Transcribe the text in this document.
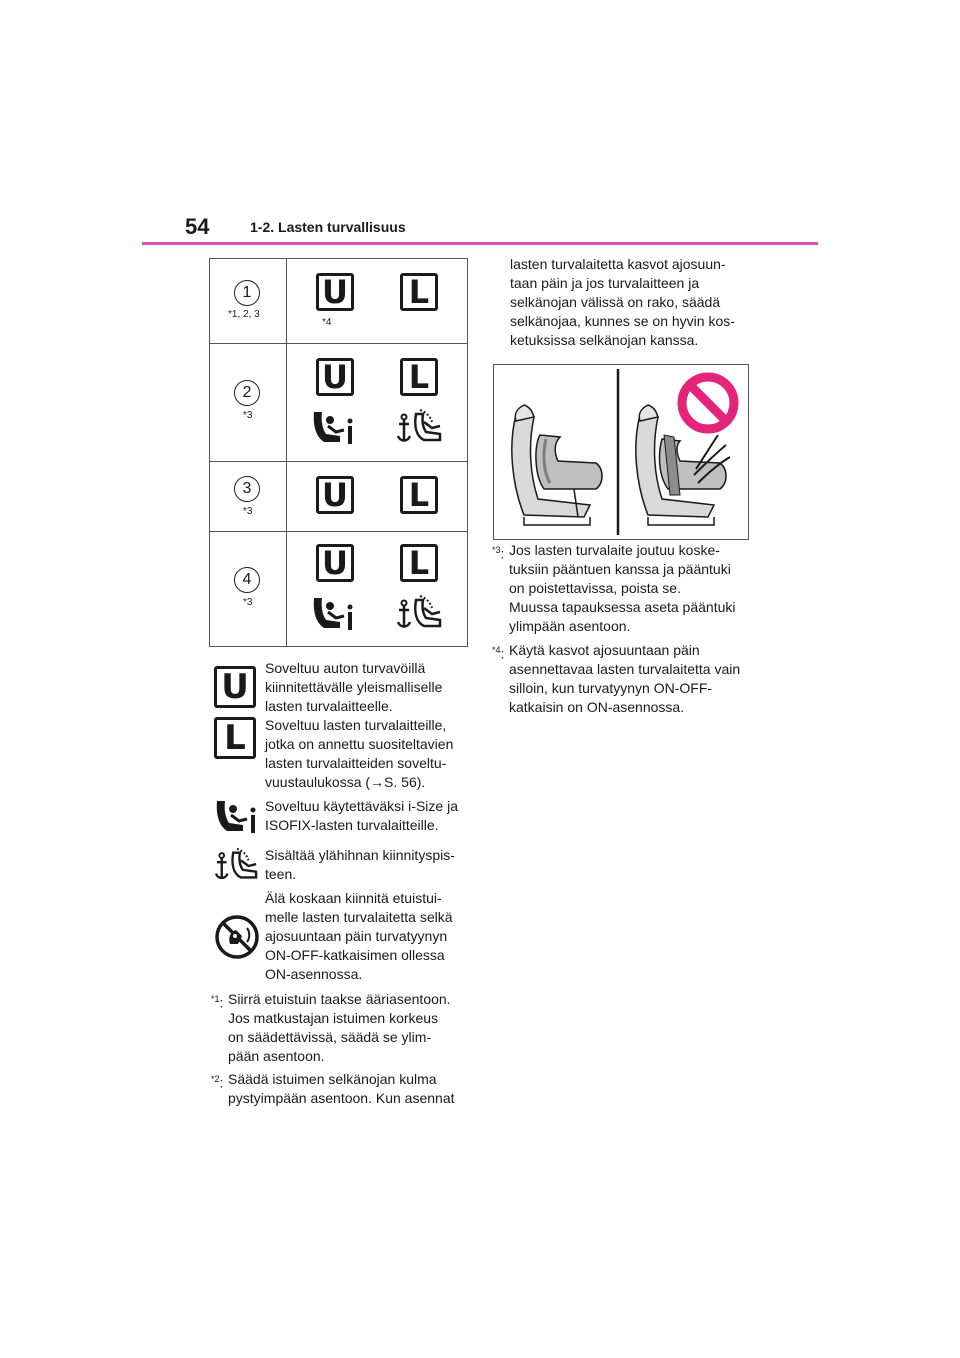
54	1-2. Lasten turvallisuus
1
*1, 2, 3
U L
*4
2
*3
U L
3
*3 U L
4
*3
U L
U
L
Soveltuu auton turvavöillä
kiinnitettävälle yleismalliselle
lasten turvalaitteelle.
Soveltuu lasten turvalaitteille,
jotka on annettu suositeltavien
lasten turvalaitteiden soveltu-
vuustaulukossa (→S. 56).
Soveltuu käytettäväksi i-Size ja
ISOFIX-lasten turvalaitteille.
Sisältää ylähihnan kiinnityspis-
teen.
Älä koskaan kiinnitä etuistui-
melle lasten turvalaitetta selkä
ajosuuntaan päin turvatyynyn
ON-OFF-katkaisimen ollessa
ON-asennossa.
$^{*1}$: Siirrä etuistuin taakse ääriasentoon.
Jos matkustajan istuimen korkeus
on säädettävissä, säädä se ylim-
pään asentoon.
$^{*2}$: Säädä istuimen selkänojan kulma
pystyimpään asentoon. Kun asennat
lasten turvalaitetta kasvot ajosuun-
taan päin ja jos turvalaitteen ja
selkänojan välissä on rako, säädä
selkänojaa, kunnes se on hyvin kos-
ketuksissa selkänojan kanssa.
$^{*3}$: Jos lasten turvalaite joutuu koske-
tuksiin pääntuen kanssa ja pääntuki
on poistettavissa, poista se.
Muussa tapauksessa aseta pääntuki
ylimpään asentoon.
$^{*4}$: Käytä kasvot ajosuuntaan päin
asennettavaa lasten turvalaitetta vain
silloin, kun turvatyynyn ON-OFF-
katkaisin on ON-asennossa.
